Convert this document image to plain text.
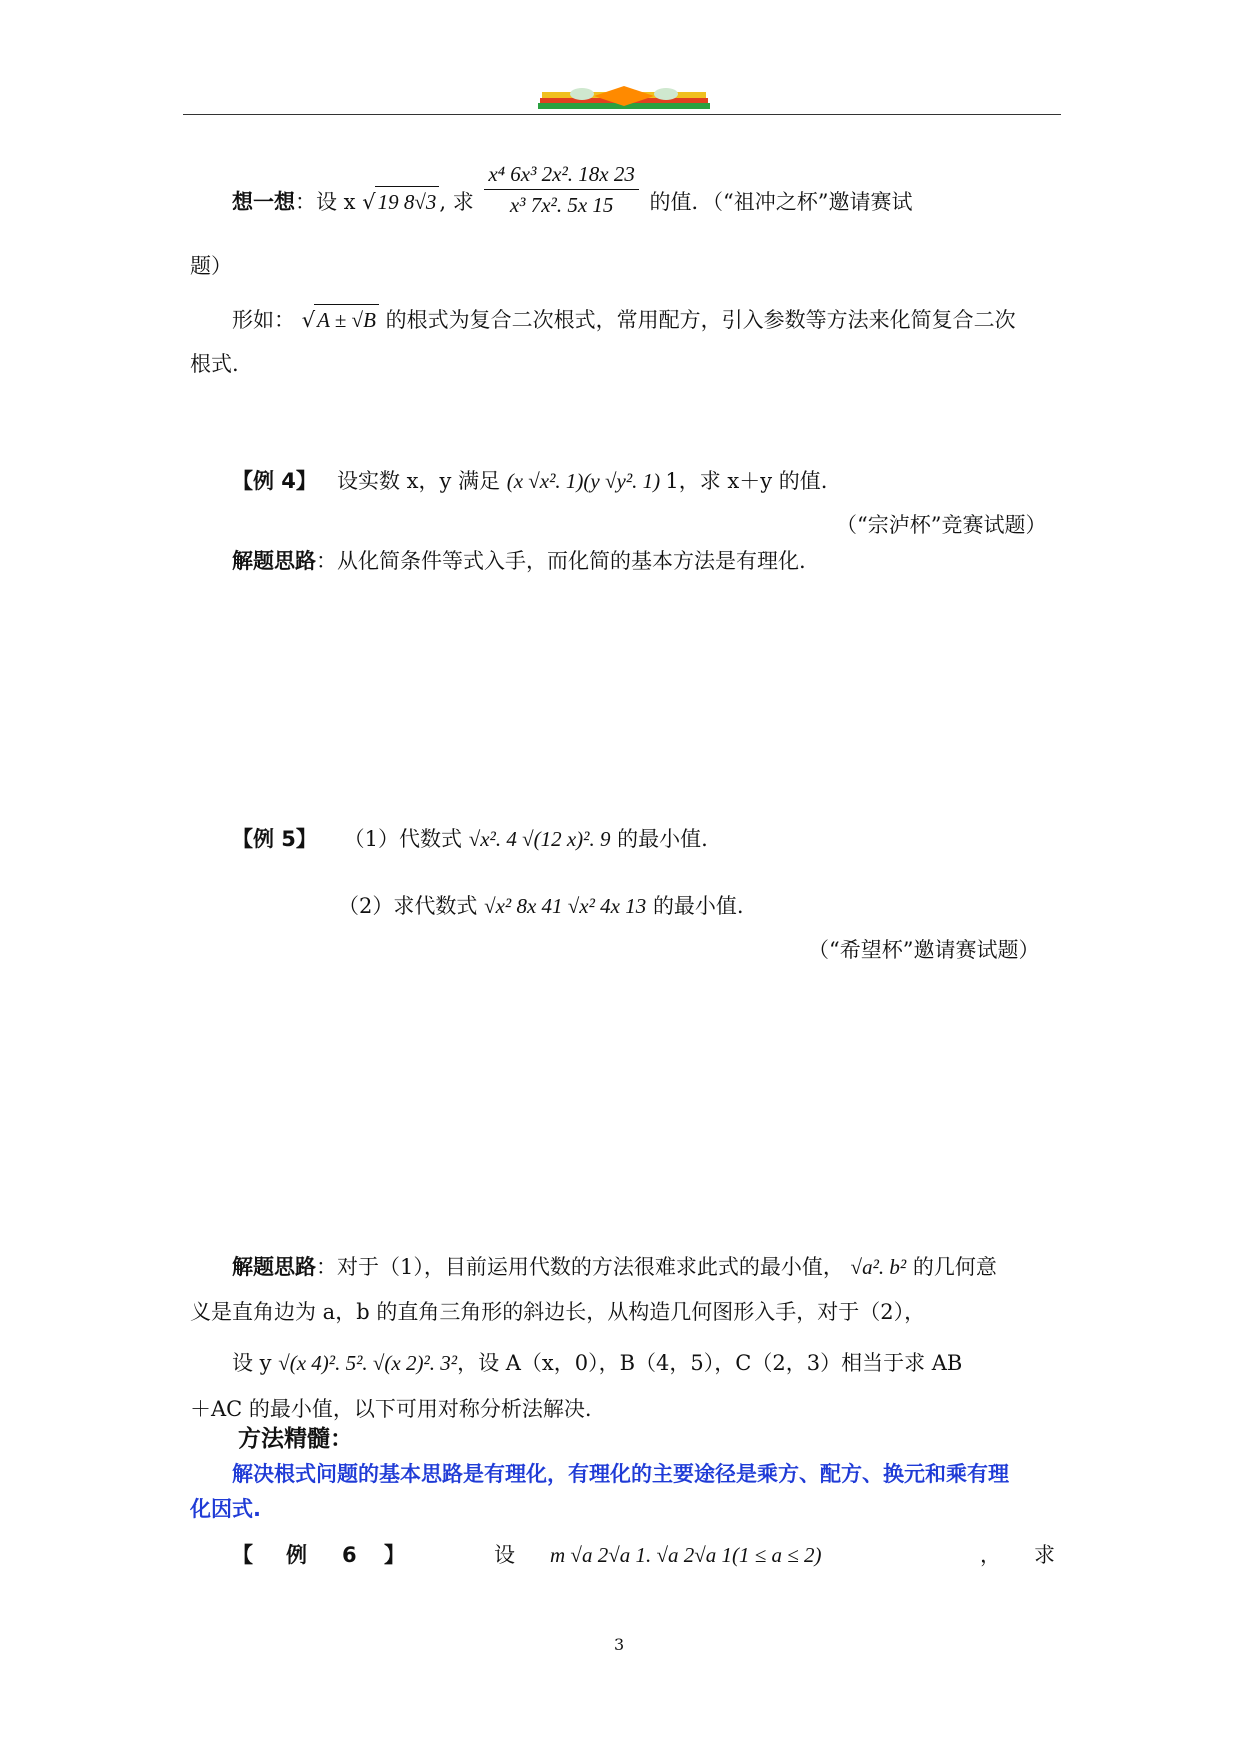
想一想：设 x √19 8√3 , 求 $\frac{\text{x⁴ 6x³ 2x². 18x 23}}{\text{x³ 7x². 5x 15}}$ 的值．（“祖冲之杯”邀请赛试
题）
形如： √A ± √B 的根式为复合二次根式，常用配方，引入参数等方法来化简复合二次
根式.
【例 4】 设实数 x，y 满足 (x √x². 1)(y √y². 1) 1，求 x＋y 的值.
（“宗泸杯”竞赛试题）
解题思路：从化简条件等式入手，而化简的基本方法是有理化.
【例 5】 （1）代数式 √x². 4 √(12 x)². 9 的最小值.
（2）求代数式 √x² 8x 41 √x² 4x 13 的最小值.
（“希望杯”邀请赛试题）
解题思路：对于（1），目前运用代数的方法很难求此式的最小值， √a². b² 的几何意
义是直角边为 a，b 的直角三角形的斜边长，从构造几何图形入手，对于（2），
设 y √(x 4)². 5². √(x 2)². 3²，设 A（x，0），B（4，5），C（2，3）相当于求 AB
＋AC 的最小值，以下可用对称分析法解决.
方法精髓：
解决根式问题的基本思路是有理化，有理化的主要途径是乘方、配方、换元和乘有理
化因式.
【 例 6 】	设 m √a 2√a 1. √a 2√a 1(1 ≤ a ≤ 2)	， 求
3
